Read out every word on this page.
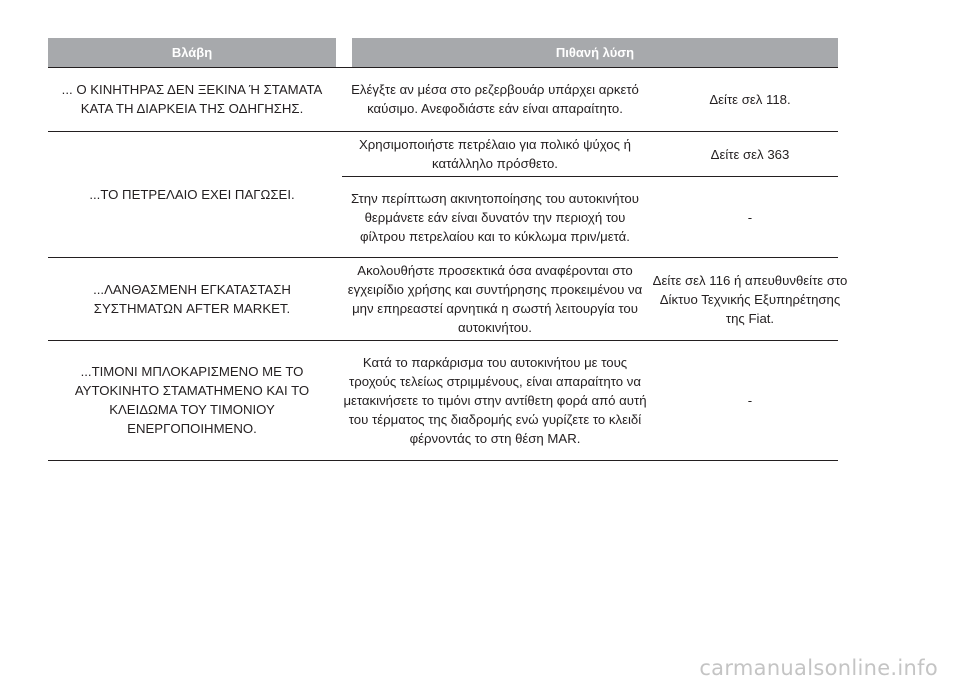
Βλάβη	Πιθανή λύση
... Ο ΚΙΝΗΤΗΡΑΣ ΔΕΝ ΞΕΚΙΝΑ Ή ΣΤΑΜΑΤΑ ΚΑΤΑ ΤΗ ΔΙΑΡΚΕΙΑ ΤΗΣ ΟΔΗΓΗΣΗΣ.
Ελέγξτε αν μέσα στο ρεζερβουάρ υπάρχει αρκετό καύσιμο. Ανεφοδιάστε εάν είναι απαραίτητο.
Δείτε σελ 118.
...ΤΟ ΠΕΤΡΕΛΑΙΟ ΕΧΕΙ ΠΑΓΩΣΕΙ.
Χρησιμοποιήστε πετρέλαιο για πολικό ψύχος ή κατάλληλο πρόσθετο.
Δείτε σελ 363
Στην περίπτωση ακινητοποίησης του αυτοκινήτου θερμάνετε εάν είναι δυνατόν την περιοχή του φίλτρου πετρελαίου και το κύκλωμα πριν/μετά.
-
...ΛΑΝΘΑΣΜΕΝΗ ΕΓΚΑΤΑΣΤΑΣΗ ΣΥΣΤΗΜΑΤΩΝ AFTER MARKET.
Ακολουθήστε προσεκτικά όσα αναφέρονται στο εγχειρίδιο χρήσης και συντήρησης προκειμένου να μην επηρεαστεί αρνητικά η σωστή λειτουργία του αυτοκινήτου.
Δείτε σελ 116 ή απευθυνθείτε στο Δίκτυο Τεχνικής Εξυπηρέτησης της Fiat.
...ΤΙΜΟΝΙ ΜΠΛΟΚΑΡΙΣΜΕΝΟ ΜΕ ΤΟ ΑΥΤΟΚΙΝΗΤΟ ΣΤΑΜΑΤΗΜΕΝΟ ΚΑΙ ΤΟ ΚΛΕΙΔΩΜΑ ΤΟΥ ΤΙΜΟΝΙΟΥ ΕΝΕΡΓΟΠΟΙΗΜΕΝΟ.
Κατά το παρκάρισμα του αυτοκινήτου με τους τροχούς τελείως στριμμένους, είναι απαραίτητο να μετακινήσετε το τιμόνι στην αντίθετη φορά από αυτή του τέρματος της διαδρομής ενώ γυρίζετε το κλειδί φέρνοντάς το στη θέση MAR.
-
carmanualsonline.info
